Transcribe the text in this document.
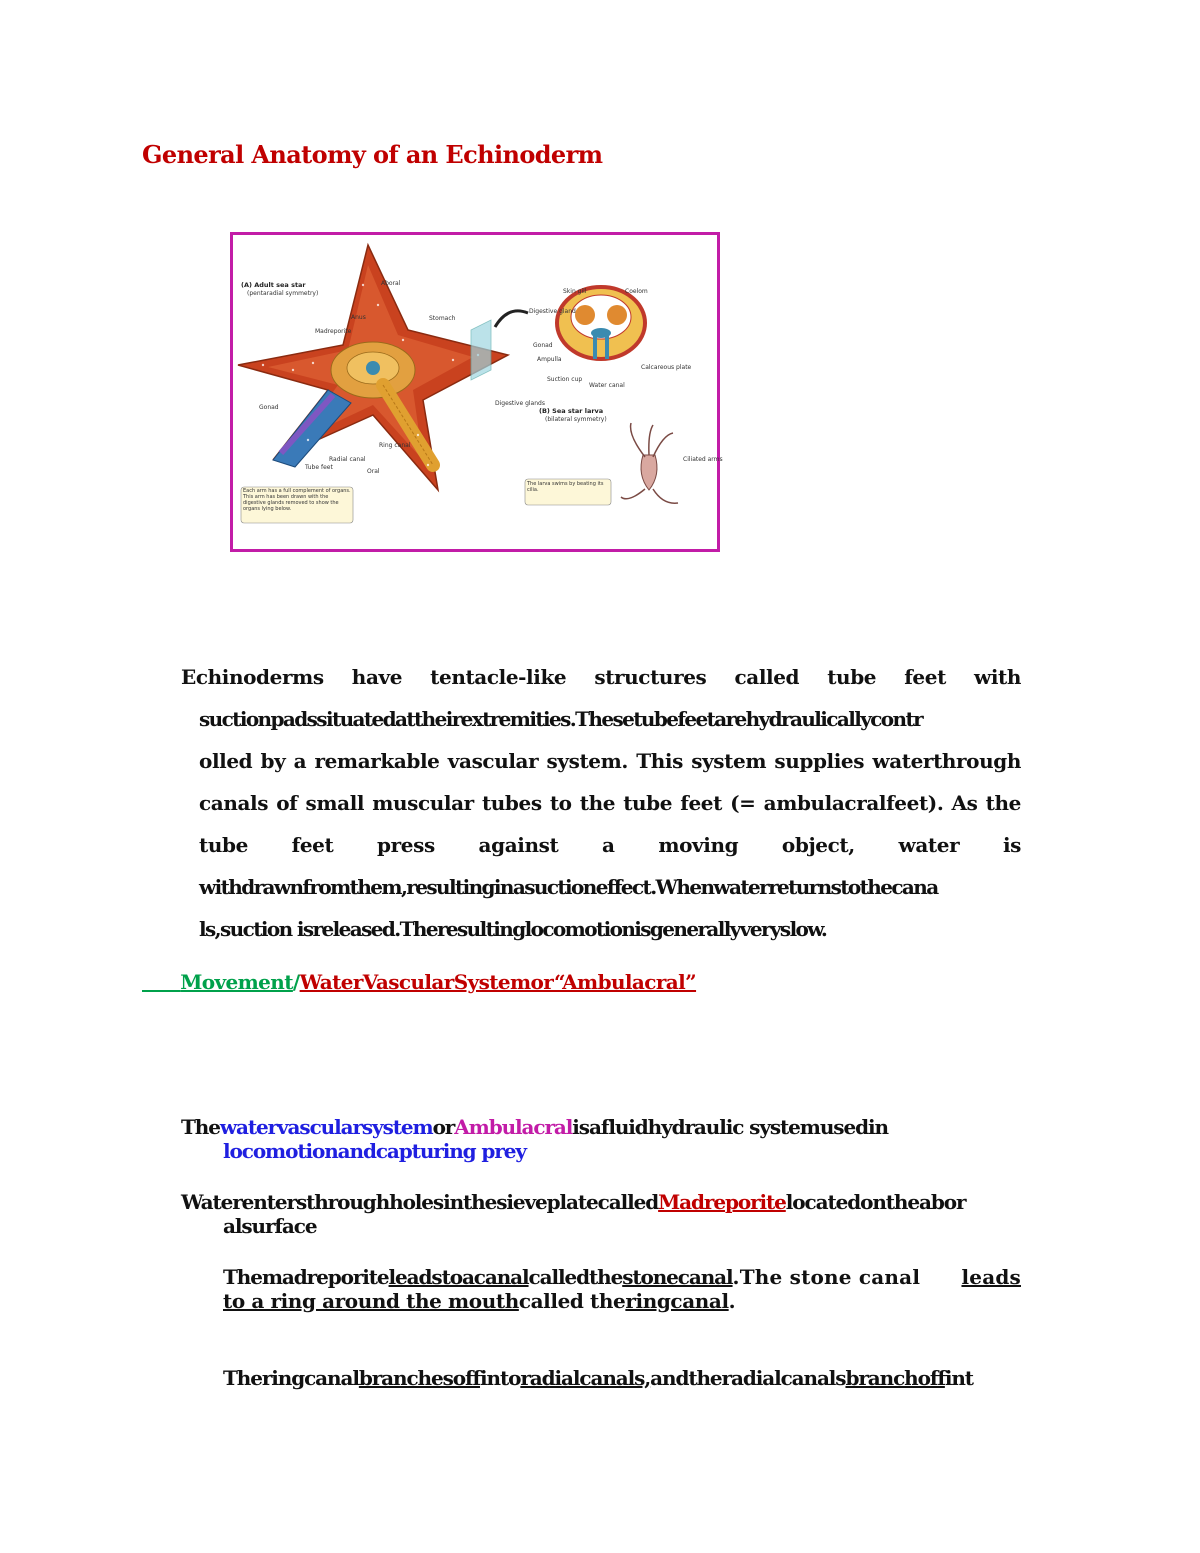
General Anatomy of an Echinoderm
(A) Adult sea star
(pentaradial symmetry)
Aboral
Anus
Madreporite
Stomach
Gonad
Digestive glands
Ring canal
Radial canal
Tube feet
Oral
Each arm has a full complement of organs. This arm has been drawn with the digestive glands removed to show the organs lying below.
Skin gill	Coelom
Digestive gland
Gonad
Ampulla
Suction cup
Water canal
Calcareous plate
(B) Sea star larva
(bilateral symmetry)
Ciliated arms
The larva swims by beating its cilia.
Echinoderms have tentacle-like structures called tube feet with
suctionpadssituatedattheirextremities.Thesetubefeetarehydraulicallycontr
olled by a remarkable vascular system. This system supplies waterthrough
canals of small muscular tubes to the tube feet (= ambulacralfeet). As the
tube feet press against a moving object, water is
withdrawnfromthem,resultinginasuctioneffect.Whenwaterreturnstothecana
ls,suction isreleased.Theresultinglocomotionisgenerallyveryslow.
Movement/WaterVascularSystemor“Ambulacral”
ThewatervascularsystemorAmbulacralisafluidhydraulic systemusedin
locomotionandcapturing prey
WaterentersthroughholesinthesieveplatecalledMadreporitelocatedontheabor
alsurface
Themadreporiteleadstoacanalcalledthestonecanal.The stone canal leads
to a ring around the mouthcalled theringcanal.
Theringcanalbranchesoffintoradialcanals,andtheradialcanalsbranchoffint
